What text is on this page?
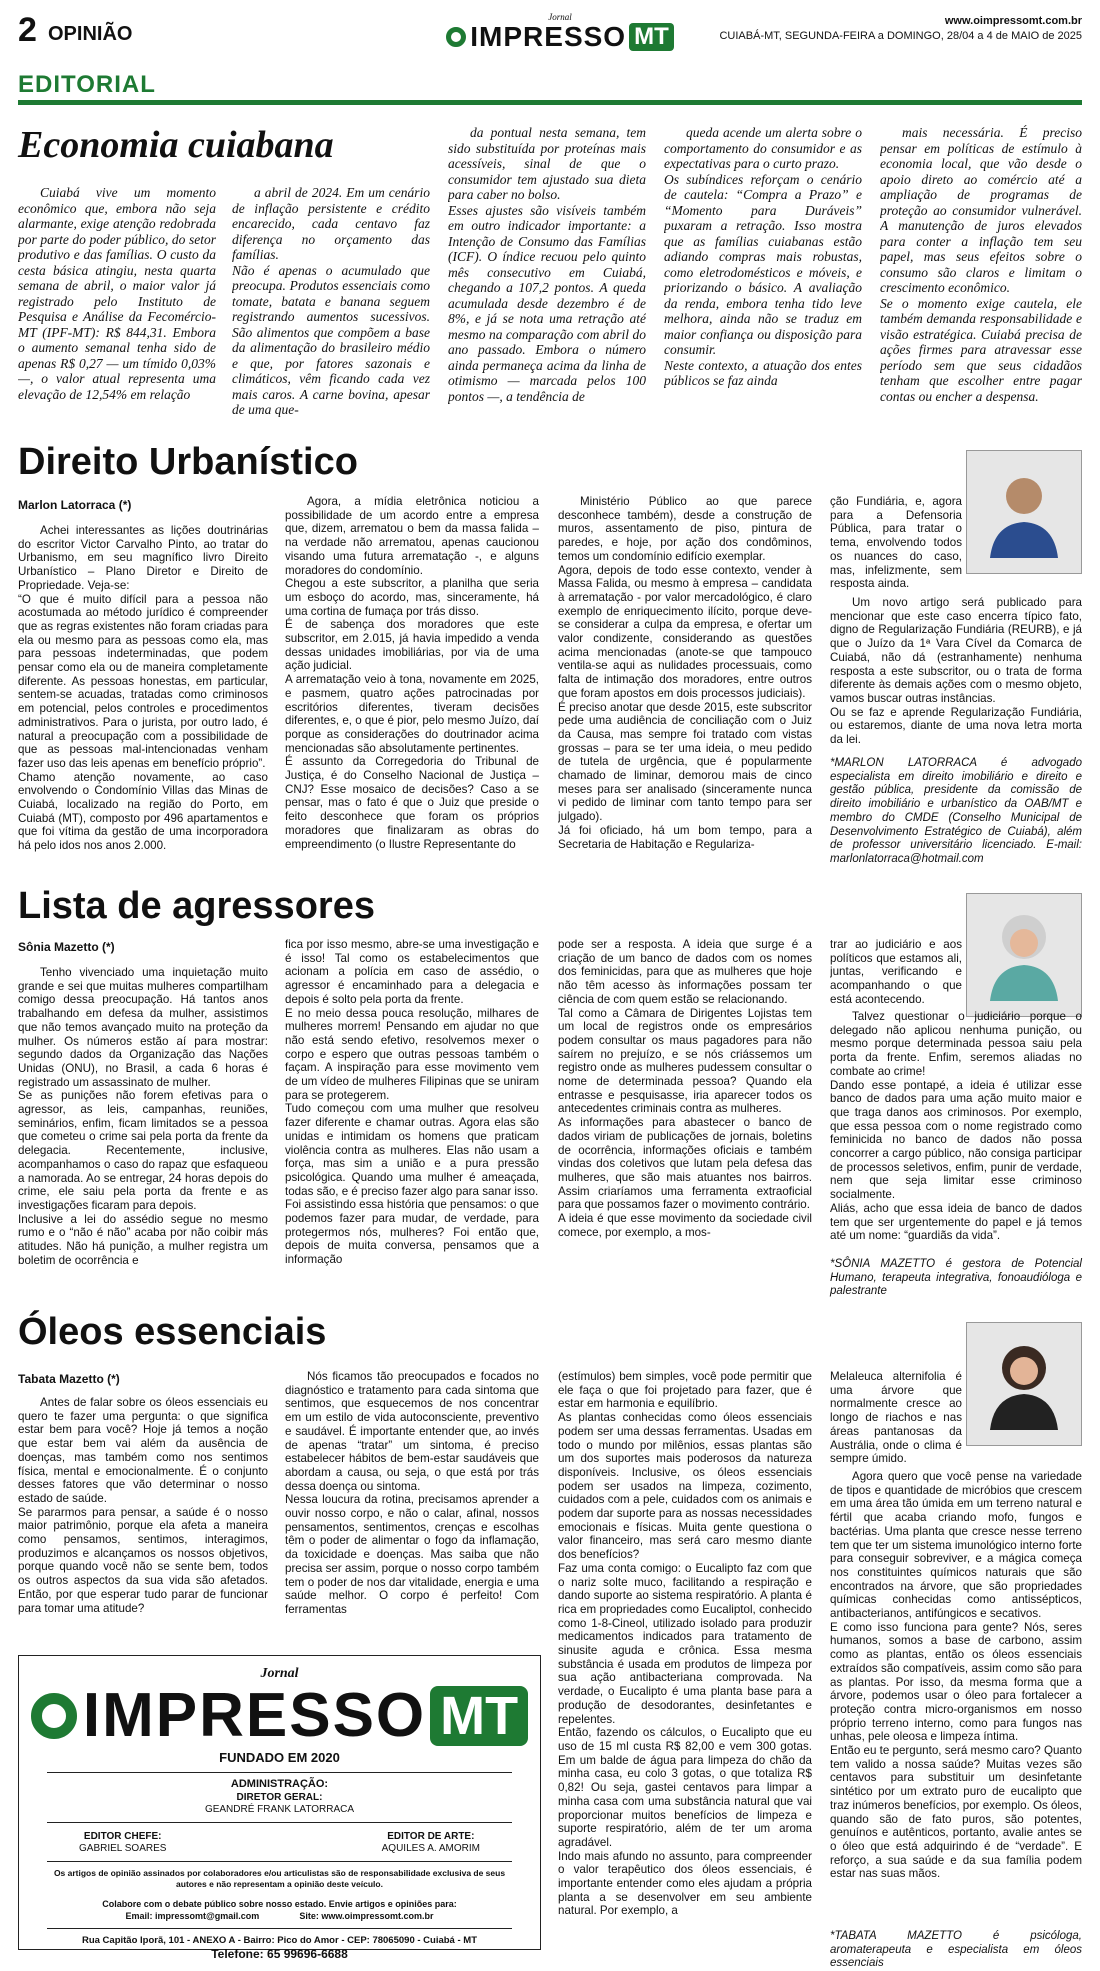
2 OPINIÃO
Jornal
IMPRESSO MT
www.oimpressomt.com.br
CUIABÁ-MT, SEGUNDA-FEIRA a DOMINGO, 28/04 a 4 de MAIO de 2025
EDITORIAL
Economia cuiabana
Cuiabá vive um momento econômico que, embora não seja alarmante, exige atenção redobrada por parte do poder público, do setor produtivo e das famílias. O custo da cesta básica atingiu, nesta quarta semana de abril, o maior valor já registrado pelo Instituto de Pesquisa e Análise da Fecomércio-MT (IPF-MT): R$ 844,31. Embora o aumento semanal tenha sido de apenas R$ 0,27 — um tímido 0,03% —, o valor atual representa uma elevação de 12,54% em relação
a abril de 2024. Em um cenário de inflação persistente e crédito encarecido, cada centavo faz diferença no orçamento das famílias.
Não é apenas o acumulado que preocupa. Produtos essenciais como tomate, batata e banana seguem registrando aumentos sucessivos. São alimentos que compõem a base da alimentação do brasileiro médio e que, por fatores sazonais e climáticos, vêm ficando cada vez mais caros. A carne bovina, apesar de uma que-
da pontual nesta semana, tem sido substituída por proteínas mais acessíveis, sinal de que o consumidor tem ajustado sua dieta para caber no bolso.
Esses ajustes são visíveis também em outro indicador importante: a Intenção de Consumo das Famílias (ICF). O índice recuou pelo quinto mês consecutivo em Cuiabá, chegando a 107,2 pontos. A queda acumulada desde dezembro é de 8%, e já se nota uma retração até mesmo na comparação com abril do ano passado. Embora o número ainda permaneça acima da linha de otimismo — marcada pelos 100 pontos —, a tendência de
queda acende um alerta sobre o comportamento do consumidor e as expectativas para o curto prazo.
Os subíndices reforçam o cenário de cautela: “Compra a Prazo” e “Momento para Duráveis” puxaram a retração. Isso mostra que as famílias cuiabanas estão adiando compras mais robustas, como eletrodomésticos e móveis, e priorizando o básico. A avaliação da renda, embora tenha tido leve melhora, ainda não se traduz em maior confiança ou disposição para consumir.
Neste contexto, a atuação dos entes públicos se faz ainda
mais necessária. É preciso pensar em políticas de estímulo à economia local, que vão desde o apoio direto ao comércio até a ampliação de programas de proteção ao consumidor vulnerável. A manutenção de juros elevados para conter a inflação tem seu papel, mas seus efeitos sobre o consumo são claros e limitam o crescimento econômico.
Se o momento exige cautela, ele também demanda responsabilidade e visão estratégica. Cuiabá precisa de ações firmes para atravessar esse período sem que seus cidadãos tenham que escolher entre pagar contas ou encher a despensa.
Direito Urbanístico
Marlon Latorraca (*)
Achei interessantes as lições doutrinárias do escritor Victor Carvalho Pinto, ao tratar do Urbanismo, em seu magnífico livro Direito Urbanístico – Plano Diretor e Direito de Propriedade. Veja-se:
“O que é muito difícil para a pessoa não acostumada ao método jurídico é compreender que as regras existentes não foram criadas para ela ou mesmo para as pessoas como ela, mas para pessoas indeterminadas, que podem pensar como ela ou de maneira completamente diferente. As pessoas honestas, em particular, sentem-se acuadas, tratadas como criminosos em potencial, pelos controles e procedimentos administrativos. Para o jurista, por outro lado, é natural a preocupação com a possibilidade de que as pessoas mal-intencionadas venham fazer uso das leis apenas em benefício próprio”.
Chamo atenção novamente, ao caso envolvendo o Condomínio Villas das Minas de Cuiabá, localizado na região do Porto, em Cuiabá (MT), composto por 496 apartamentos e que foi vítima da gestão de uma incorporadora há pelo idos nos anos 2.000.
Agora, a mídia eletrônica noticiou a possibilidade de um acordo entre a empresa que, dizem, arrematou o bem da massa falida – na verdade não arrematou, apenas caucionou visando uma futura arrematação -, e alguns moradores do condomínio.
Chegou a este subscritor, a planilha que seria um esboço do acordo, mas, sinceramente, há uma cortina de fumaça por trás disso.
É de sabença dos moradores que este subscritor, em 2.015, já havia impedido a venda dessas unidades imobiliárias, por via de uma ação judicial.
A arrematação veio à tona, novamente em 2025, e pasmem, quatro ações patrocinadas por escritórios diferentes, tiveram decisões diferentes, e, o que é pior, pelo mesmo Juízo, daí porque as considerações do doutrinador acima mencionadas são absolutamente pertinentes.
É assunto da Corregedoria do Tribunal de Justiça, é do Conselho Nacional de Justiça – CNJ? Esse mosaico de decisões? Caso a se pensar, mas o fato é que o Juiz que preside o feito desconhece que foram os próprios moradores que finalizaram as obras do empreendimento (o Ilustre Representante do
Ministério Público ao que parece desconhece também), desde a construção de muros, assentamento de piso, pintura de paredes, e hoje, por ação dos condôminos, temos um condomínio edifício exemplar.
Agora, depois de todo esse contexto, vender à Massa Falida, ou mesmo à empresa – candidata à arrematação - por valor mercadológico, é claro exemplo de enriquecimento ilícito, porque deve-se considerar a culpa da empresa, e ofertar um valor condizente, considerando as questões acima mencionadas (anote-se que tampouco ventila-se aqui as nulidades processuais, como falta de intimação dos moradores, entre outros que foram apostos em dois processos judiciais).
É preciso anotar que desde 2015, este subscritor pede uma audiência de conciliação com o Juiz da Causa, mas sempre foi tratado com vistas grossas – para se ter uma ideia, o meu pedido de tutela de urgência, que é popularmente chamado de liminar, demorou mais de cinco meses para ser analisado (sinceramente nunca vi pedido de liminar com tanto tempo para ser julgado).
Já foi oficiado, há um bom tempo, para a Secretaria de Habitação e Regulariza-
ção Fundiária, e, agora para a Defensoria Pública, para tratar o tema, envolvendo todos os nuances do caso, mas, infelizmente, sem resposta ainda.
Um novo artigo será publicado para mencionar que este caso encerra típico fato, digno de Regularização Fundiária (REURB), e já que o Juízo da 1ª Vara Cível da Comarca de Cuiabá, não dá (estranhamente) nenhuma resposta a este subscritor, ou o trata de forma diferente às demais ações com o mesmo objeto, vamos buscar outras instâncias.
Ou se faz e aprende Regularização Fundiária, ou estaremos, diante de uma nova letra morta da lei.
*MARLON LATORRACA é advogado especialista em direito imobiliário e direito e gestão pública, presidente da comissão de direito imobiliário e urbanístico da OAB/MT e membro do CMDE (Conselho Municipal de Desenvolvimento Estratégico de Cuiabá), além de professor universitário licenciado. E-mail: marlonlatorraca@hotmail.com
Lista de agressores
Sônia Mazetto (*)
Tenho vivenciado uma inquietação muito grande e sei que muitas mulheres compartilham comigo dessa preocupação. Há tantos anos trabalhando em defesa da mulher, assistimos que não temos avançado muito na proteção da mulher. Os números estão aí para mostrar: segundo dados da Organização das Nações Unidas (ONU), no Brasil, a cada 6 horas é registrado um assassinato de mulher.
Se as punições não forem efetivas para o agressor, as leis, campanhas, reuniões, seminários, enfim, ficam limitados se a pessoa que cometeu o crime sai pela porta da frente da delegacia. Recentemente, inclusive, acompanhamos o caso do rapaz que esfaqueou a namorada. Ao se entregar, 24 horas depois do crime, ele saiu pela porta da frente e as investigações ficaram para depois.
Inclusive a lei do assédio segue no mesmo rumo e o “não é não” acaba por não coibir más atitudes. Não há punição, a mulher registra um boletim de ocorrência e
fica por isso mesmo, abre-se uma investigação e é isso! Tal como os estabelecimentos que acionam a polícia em caso de assédio, o agressor é encaminhado para a delegacia e depois é solto pela porta da frente.
E no meio dessa pouca resolução, milhares de mulheres morrem! Pensando em ajudar no que não está sendo efetivo, resolvemos mexer o corpo e espero que outras pessoas também o façam. A inspiração para esse movimento vem de um vídeo de mulheres Filipinas que se uniram para se protegerem.
Tudo começou com uma mulher que resolveu fazer diferente e chamar outras. Agora elas são unidas e intimidam os homens que praticam violência contra as mulheres. Elas não usam a força, mas sim a união e a pura pressão psicológica. Quando uma mulher é ameaçada, todas são, e é preciso fazer algo para sanar isso.
Foi assistindo essa história que pensamos: o que podemos fazer para mudar, de verdade, para protegermos nós, mulheres? Foi então que, depois de muita conversa, pensamos que a informação
pode ser a resposta. A ideia que surge é a criação de um banco de dados com os nomes dos feminicidas, para que as mulheres que hoje não têm acesso às informações possam ter ciência de com quem estão se relacionando.
Tal como a Câmara de Dirigentes Lojistas tem um local de registros onde os empresários podem consultar os maus pagadores para não saírem no prejuízo, e se nós criássemos um registro onde as mulheres pudessem consultar o nome de determinada pessoa? Quando ela entrasse e pesquisasse, iria aparecer todos os antecedentes criminais contra as mulheres.
As informações para abastecer o banco de dados viriam de publicações de jornais, boletins de ocorrência, informações oficiais e também vindas dos coletivos que lutam pela defesa das mulheres, que são mais atuantes nos bairros. Assim criaríamos uma ferramenta extraoficial para que possamos fazer o movimento contrário.
A ideia é que esse movimento da sociedade civil comece, por exemplo, a mos-
trar ao judiciário e aos políticos que estamos ali, juntas, verificando e acompanhando o que está acontecendo.
Talvez questionar o judiciário porque o delegado não aplicou nenhuma punição, ou mesmo porque determinada pessoa saiu pela porta da frente. Enfim, seremos aliadas no combate ao crime!
Dando esse pontapé, a ideia é utilizar esse banco de dados para uma ação muito maior e que traga danos aos criminosos. Por exemplo, que essa pessoa com o nome registrado como feminicida no banco de dados não possa concorrer a cargo público, não consiga participar de processos seletivos, enfim, punir de verdade, nem que seja limitar esse criminoso socialmente.
Aliás, acho que essa ideia de banco de dados tem que ser urgentemente do papel e já temos até um nome: “guardiãs da vida”.
*SÔNIA MAZETTO é gestora de Potencial Humano, terapeuta integrativa, fonoaudióloga e palestrante
Óleos essenciais
Tabata Mazetto (*)
Antes de falar sobre os óleos essenciais eu quero te fazer uma pergunta: o que significa estar bem para você? Hoje já temos a noção que estar bem vai além da ausência de doenças, mas também como nos sentimos física, mental e emocionalmente. É o conjunto desses fatores que vão determinar o nosso estado de saúde.
Se pararmos para pensar, a saúde é o nosso maior patrimônio, porque ela afeta a maneira como pensamos, sentimos, interagimos, produzimos e alcançamos os nossos objetivos, porque quando você não se sente bem, todos os outros aspectos da sua vida são afetados. Então, por que esperar tudo parar de funcionar para tomar uma atitude?
Nós ficamos tão preocupados e focados no diagnóstico e tratamento para cada sintoma que sentimos, que esquecemos de nos concentrar em um estilo de vida autoconsciente, preventivo e saudável. É importante entender que, ao invés de apenas “tratar” um sintoma, é preciso estabelecer hábitos de bem-estar saudáveis que abordam a causa, ou seja, o que está por trás dessa doença ou sintoma.
Nessa loucura da rotina, precisamos aprender a ouvir nosso corpo, e não o calar, afinal, nossos pensamentos, sentimentos, crenças e escolhas têm o poder de alimentar o fogo da inflamação, da toxicidade e doenças. Mas saiba que não precisa ser assim, porque o nosso corpo também tem o poder de nos dar vitalidade, energia e uma saúde melhor. O corpo é perfeito! Com ferramentas
(estímulos) bem simples, você pode permitir que ele faça o que foi projetado para fazer, que é estar em harmonia e equilíbrio.
As plantas conhecidas como óleos essenciais podem ser uma dessas ferramentas. Usadas em todo o mundo por milênios, essas plantas são um dos suportes mais poderosos da natureza disponíveis. Inclusive, os óleos essenciais podem ser usados na limpeza, cozimento, cuidados com a pele, cuidados com os animais e podem dar suporte para as nossas necessidades emocionais e físicas. Muita gente questiona o valor financeiro, mas será caro mesmo diante dos benefícios?
Faz uma conta comigo: o Eucalipto faz com que o nariz solte muco, facilitando a respiração e dando suporte ao sistema respiratório. A planta é rica em propriedades como Eucaliptol, conhecido como 1-8-Cineol, utilizado isolado para produzir medicamentos indicados para tratamento de sinusite aguda e crônica. Essa mesma substância é usada em produtos de limpeza por sua ação antibacteriana comprovada. Na verdade, o Eucalipto é uma planta base para a produção de desodorantes, desinfetantes e repelentes.
Então, fazendo os cálculos, o Eucalipto que eu uso de 15 ml custa R$ 82,00 e vem 300 gotas. Em um balde de água para limpeza do chão da minha casa, eu colo 3 gotas, o que totaliza R$ 0,82! Ou seja, gastei centavos para limpar a minha casa com uma substância natural que vai proporcionar muitos benefícios de limpeza e suporte respiratório, além de ter um aroma agradável.
Indo mais afundo no assunto, para compreender o valor terapêutico dos óleos essenciais, é importante entender como eles ajudam a própria planta a se desenvolver em seu ambiente natural. Por exemplo, a
Melaleuca alternifolia é uma árvore que normalmente cresce ao longo de riachos e nas áreas pantanosas da Austrália, onde o clima é sempre úmido.
Agora quero que você pense na variedade de tipos e quantidade de micróbios que crescem em uma área tão úmida em um terreno natural e fértil que acaba criando mofo, fungos e bactérias. Uma planta que cresce nesse terreno tem que ter um sistema imunológico interno forte para conseguir sobreviver, e a mágica começa nos constituintes químicos naturais que são encontrados na árvore, que são propriedades químicas conhecidas como antissépticos, antibacterianos, antifúngicos e secativos.
E como isso funciona para gente? Nós, seres humanos, somos a base de carbono, assim como as plantas, então os óleos essenciais extraídos são compatíveis, assim como são para as plantas. Por isso, da mesma forma que a árvore, podemos usar o óleo para fortalecer a proteção contra micro-organismos em nosso próprio terreno interno, como para fungos nas unhas, pele oleosa e limpeza íntima.
Então eu te pergunto, será mesmo caro? Quanto tem valido a nossa saúde? Muitas vezes são centavos para substituir um desinfetante sintético por um extrato puro de eucalipto que traz inúmeros benefícios, por exemplo. Os óleos, quando são de fato puros, são potentes, genuínos e autênticos, portanto, avalie antes se o óleo que está adquirindo é de “verdade”. E reforço, a sua saúde e da sua família podem estar nas suas mãos.
*TABATA MAZETTO é psicóloga, aromaterapeuta e especialista em óleos essenciais
Jornal
IMPRESSO MT
FUNDADO EM 2020
ADMINISTRAÇÃO:
DIRETOR GERAL:
GEANDRÉ FRANK LATORRACA
EDITOR CHEFE:
GABRIEL SOARES
EDITOR DE ARTE:
AQUILES A. AMORIM
Os artigos de opinião assinados por colaboradores e/ou articulistas são de responsabilidade exclusiva de seus autores e não representam a opinião deste veículo.
Colabore com o debate público sobre nosso estado. Envie artigos e opiniões para:
Email: impressomt@gmail.com	Site: www.oimpressomt.com.br
Rua Capitão Iporã, 101 - ANEXO A - Bairro: Pico do Amor - CEP: 78065090 - Cuiabá - MT
Telefone: 65 99696-6688
